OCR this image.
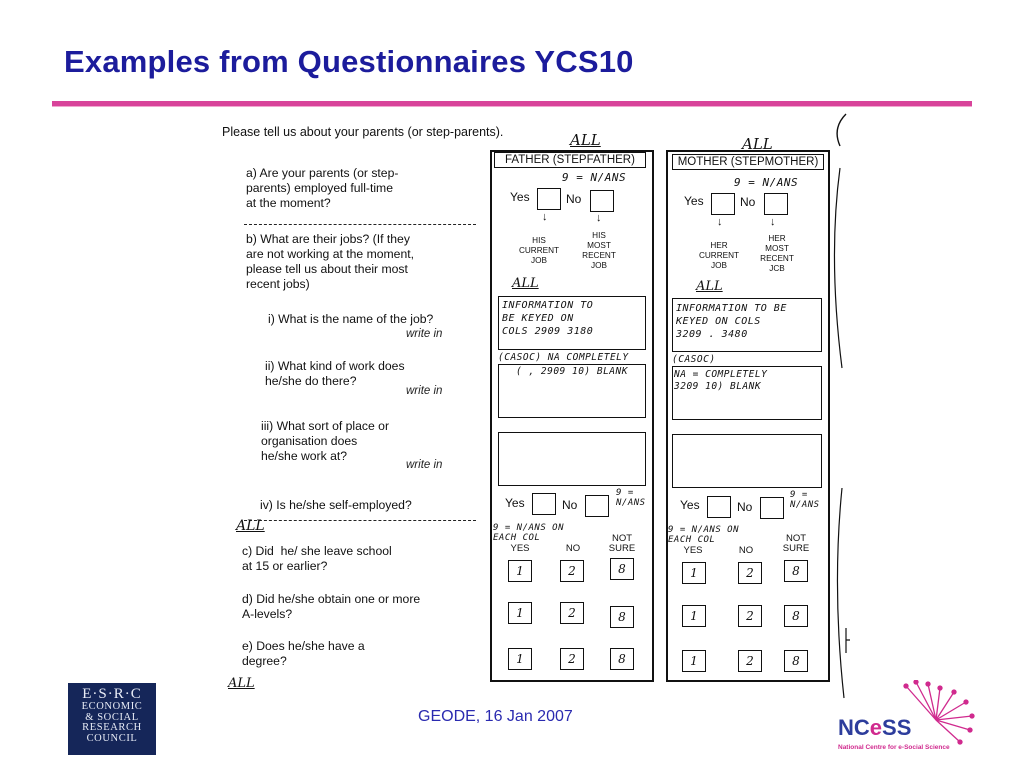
Examples from Questionnaires YCS10
Please tell us about your parents (or step-parents).	ALL	ALL
a) Are your parents (or step-
parents) employed full-time
at the moment?
b) What are their jobs? (If they
are not working at the moment,
please tell us about their most
recent jobs)
i) What is the name of the job?
write in
ii) What kind of work does
he/she do there?
write in
iii) What sort of place or
organisation does
he/she work at?
write in
iv) Is he/she self-employed?
ALL
c) Did  he/ she leave school
at 15 or earlier?
d) Did he/she obtain one or more
A-levels?
e) Does he/she have a
degree?
ALL
FATHER (STEPFATHER)
9 = N/ANS
Yes	No
↓	↓
HIS
CURRENT
JOB
HIS
MOST
RECENT
JOB
ALL
INFORMATION TO
BE KEYED ON
COLS 2909 3180
(CASOC) NA COMPLETELY
( , 2909 10) BLANK
Yes	No
9 =
N/ANS
9 = N/ANS ON
EACH COL
YES	NO
NOT
SURE
1	2	8
1	2	8
1	2	8
MOTHER (STEPMOTHER)
9 = N/ANS
Yes	No
↓	↓
HER
CURRENT
JOB
HER
MOST
RECENT
JCB
ALL
INFORMATION TO BE
KEYED ON COLS
3209 . 3480
(CASOC)
NA = COMPLETELY
3209 10) BLANK
Yes	No
9 =
N/ANS
9 = N/ANS ON
EACH COL
YES	NO
NOT
SURE
1	2	8
1	2	8
1	2	8
E·S·R·C
ECONOMIC
& SOCIAL
RESEARCH
COUNCIL
GEODE, 16 Jan 2007	NCeSS
National Centre for e-Social Science
